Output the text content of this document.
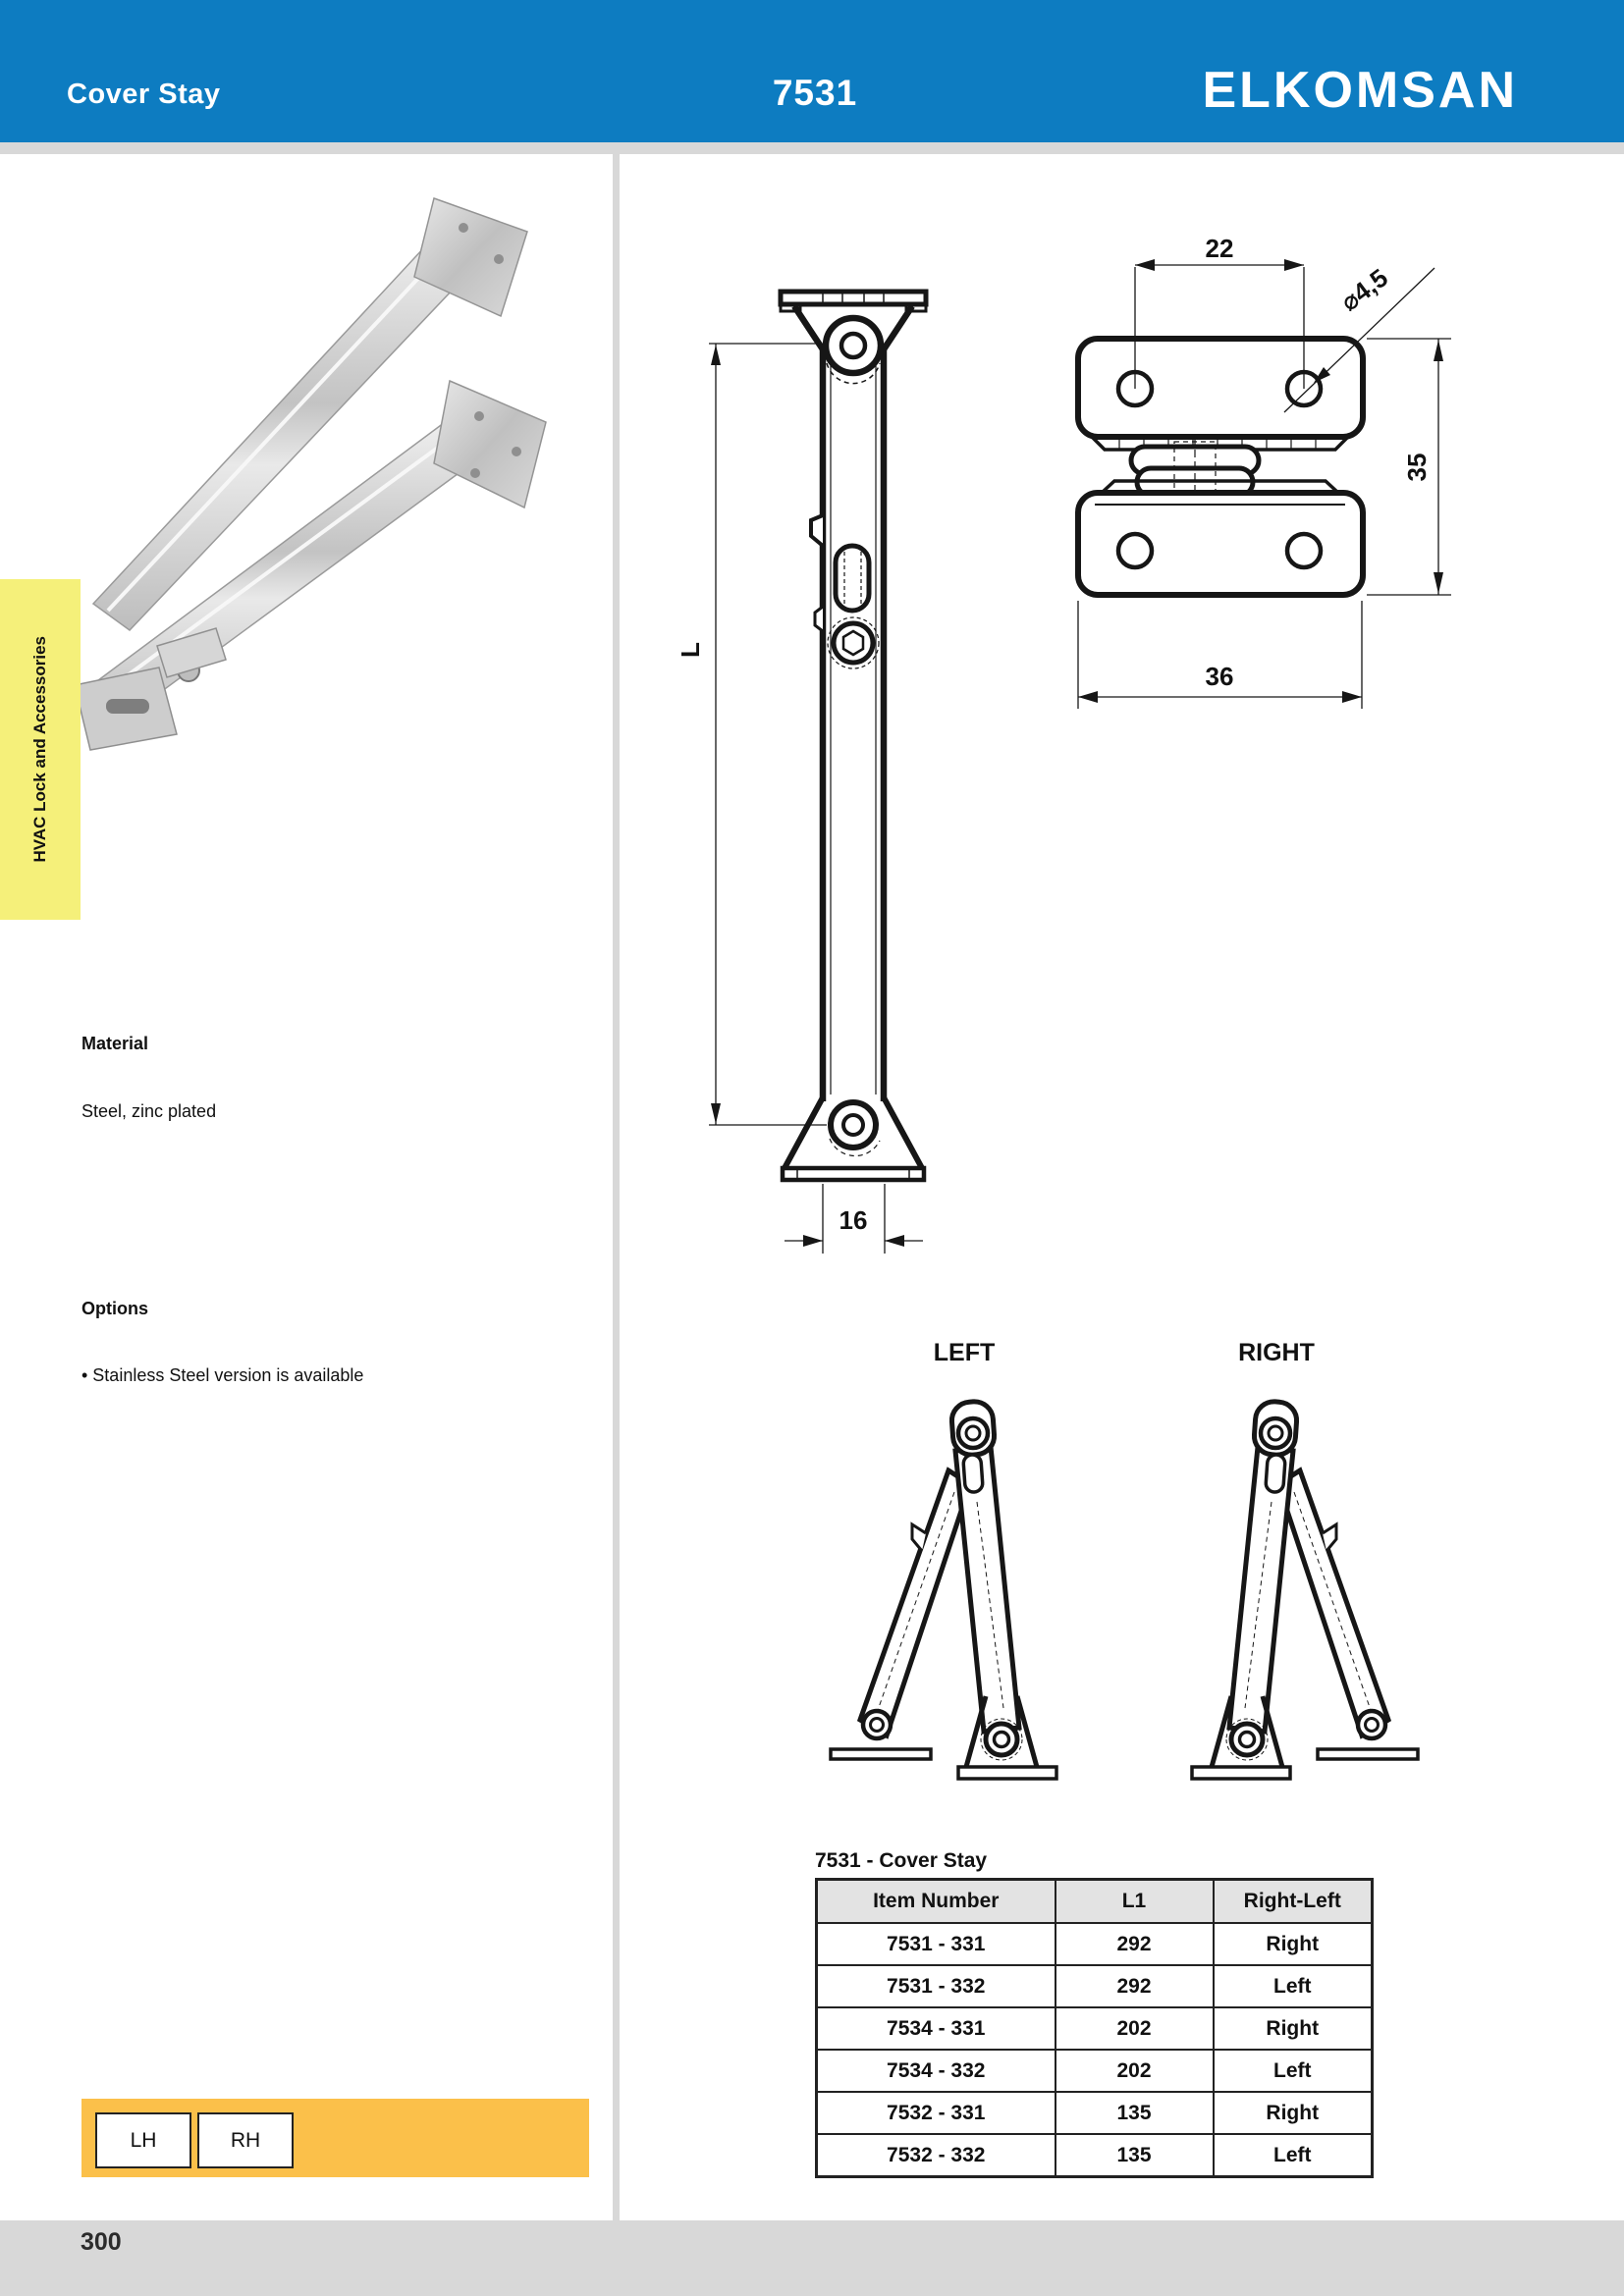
Cover Stay	7531	ELKOMSAN
HVAC Lock and Accessories
Material
Steel, zinc plated
Options
• Stainless Steel version is available
L
16
22
⌀4,5
35
36
LEFT	RIGHT
7531 - Cover Stay
Item Number	L1	Right-Left
7531 - 331	292	Right
7531 - 332	292	Left
7534 - 331	202	Right
7534 - 332	202	Left
7532 - 331	135	Right
7532 - 332	135	Left
LH	RH
300
